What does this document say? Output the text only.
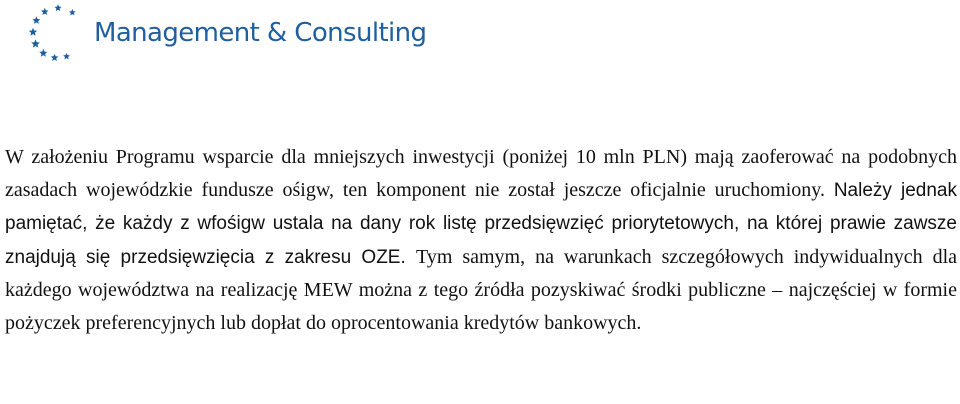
Management & Consulting

W założeniu Programu wsparcie dla mniejszych inwestycji (poniżej 10 mln PLN) mają zaoferować na podobnych zasadach wojewódzkie fundusze ośigw, ten komponent nie został jeszcze oficjalnie uruchomiony. Należy jednak pamiętać, że każdy z wfośigw ustala na dany rok listę przedsięwzięć priorytetowych, na której prawie zawsze znajdują się przedsięwzięcia z zakresu OZE. Tym samym, na warunkach szczegółowych indywidualnych dla każdego województwa na realizację MEW można z tego źródła pozyskiwać środki publiczne – najczęściej w formie pożyczek preferencyjnych lub dopłat do oprocentowania kredytów bankowych.
